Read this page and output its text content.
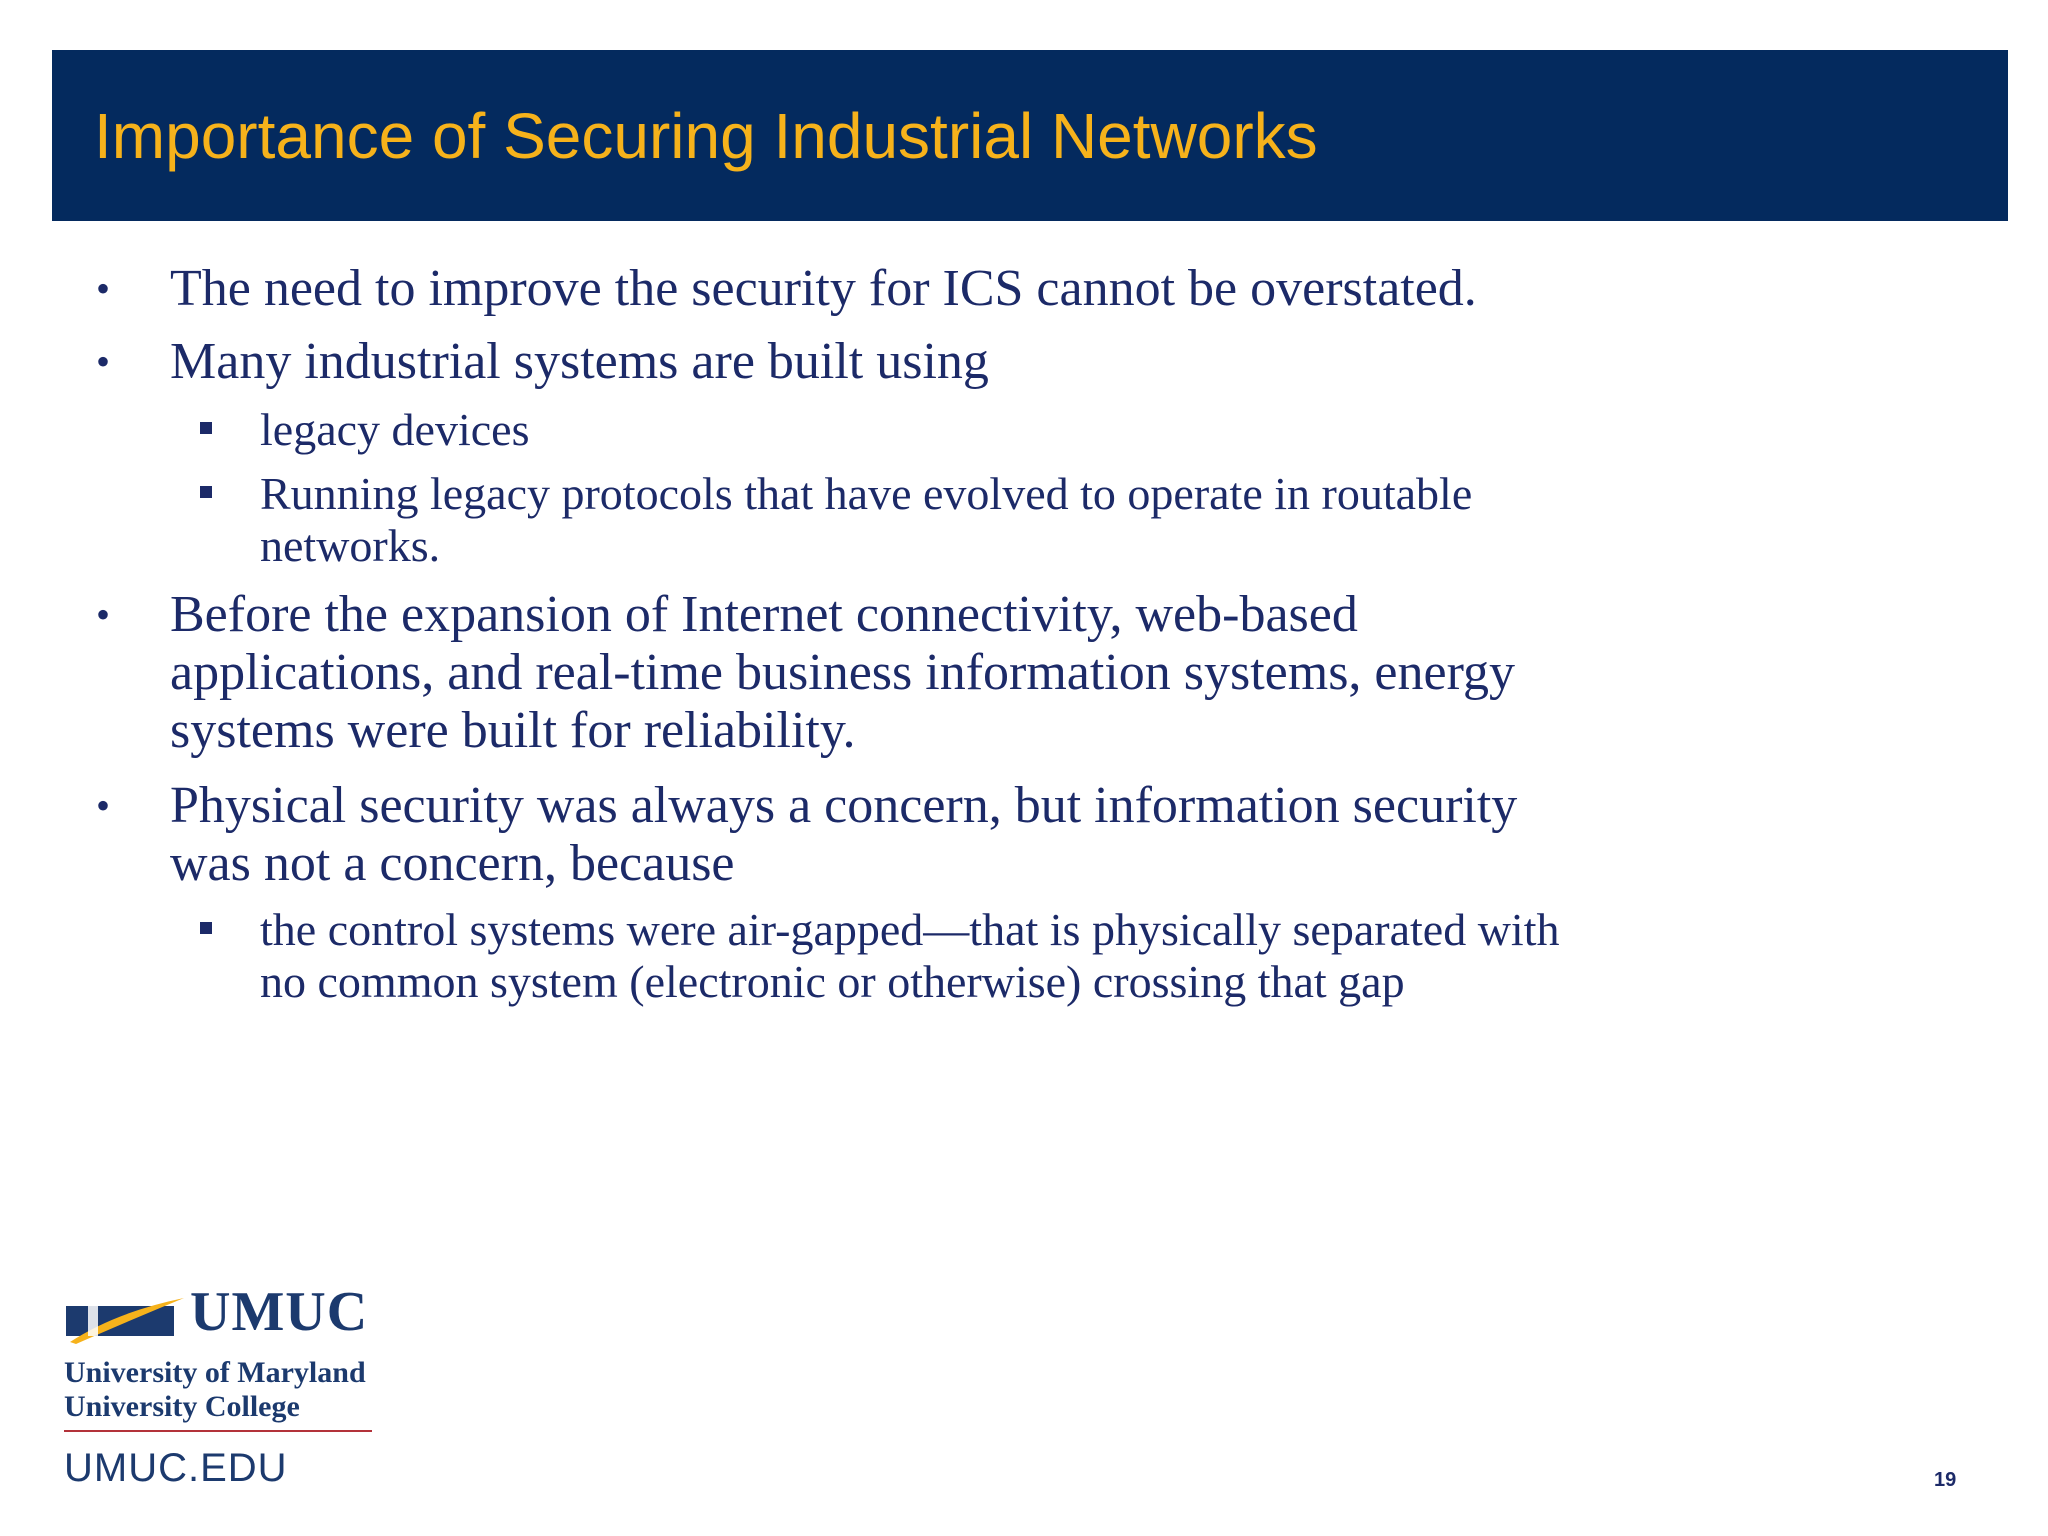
Importance of Securing Industrial Networks
• The need to improve the security for ICS cannot be overstated.
• Many industrial systems are built using
legacy devices
Running legacy protocols that have evolved to operate in routable
networks.
• Before the expansion of Internet connectivity, web-based
applications, and real-time business information systems, energy
systems were built for reliability.
• Physical security was always a concern, but information security
was not a concern, because
the control systems were air-gapped—that is physically separated with
no common system (electronic or otherwise) crossing that gap
UMUC
University of Maryland
University College
UMUC.EDU	19
